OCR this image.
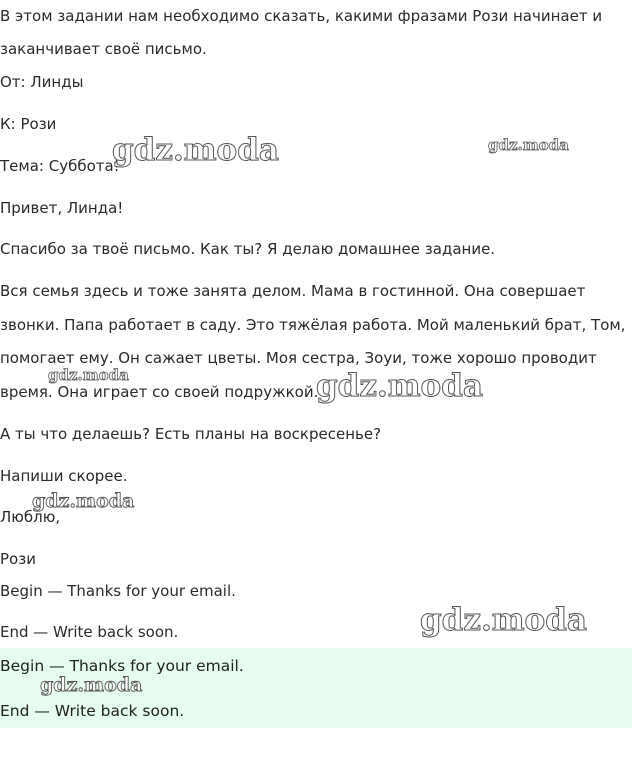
В этом задании нам необходимо сказать, какими фразами Рози начинает и
заканчивает своё письмо.
От: Линды
К: Рози
Тема: Суббота!
Привет, Линда!
Спасибо за твоё письмо. Как ты? Я делаю домашнее задание.
Вся семья здесь и тоже занята делом. Мама в гостинной. Она совершает
звонки. Папа работает в саду. Это тяжёлая работа. Мой маленький брат, Том,
помогает ему. Он сажает цветы. Моя сестра, Зоуи, тоже хорошо проводит
время. Она играет со своей подружкой.
А ты что делаешь? Есть планы на воскресенье?
Напиши скорее.
Люблю,
Рози
Begin — Thanks for your email.
End — Write back soon.
Begin — Thanks for your email.
End — Write back soon.
gdz.moda	gdz.moda
gdz.moda	gdz.moda
gdz.moda
gdz.moda
gdz.moda
